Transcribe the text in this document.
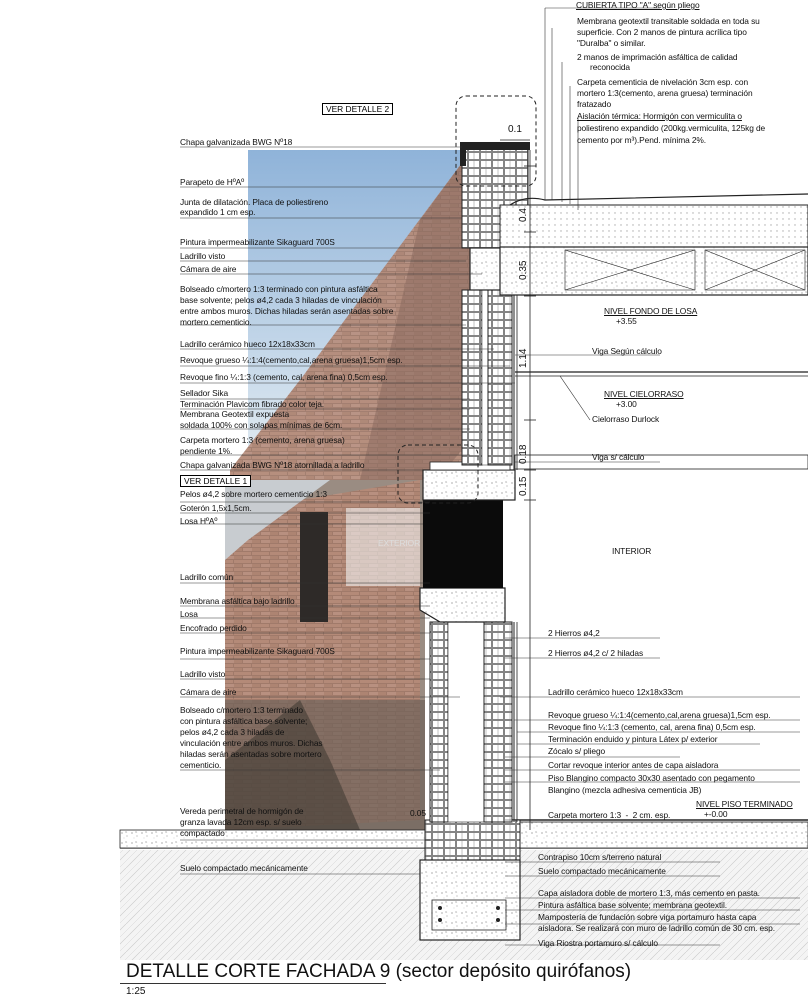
VER DETALLE 2
VER DETALLE 1
EXTERIOR
INTERIOR
0.1
0.4
0.35
1.14
0.18
0.15
0.05
NIVEL FONDO DE LOSA
+3.55
NIVEL CIELORRASO
+3.00
NIVEL PISO TERMINADO
+-0.00
CUBIERTA TIPO "A" según pliego
Membrana geotextil transitable soldada en toda su
superficie. Con 2 manos de pintura acrílica tipo
"Duralba" o similar.
2 manos de imprimación asfáltica de calidad
reconocida
Carpeta cementicia de nivelación 3cm esp. con
mortero 1:3(cemento, arena gruesa) terminación
fratazado
Aislación térmica: Hormigón con vermiculita o
poliestireno expandido (200kg.vermiculita, 125kg de
cemento por m³).Pend. mínima 2%.
Chapa galvanizada BWG Nº18
Parapeto de HºAº
Junta de dilatación. Placa de poliestireno
expandido 1 cm esp.
Pintura impermeabilizante Sikaguard 700S
Ladrillo visto
Cámara de aire
Bolseado c/mortero 1:3 terminado con pintura asfáltica
base solvente; pelos ø4,2 cada 3 hiladas de vinculación
entre ambos muros. Dichas hiladas serán asentadas sobre
mortero cementicio.
Ladrillo cerámico hueco 12x18x33cm
Revoque grueso ¼:1:4(cemento,cal,arena gruesa)1,5cm esp.
Revoque fino ¼:1:3 (cemento, cal, arena fina) 0,5cm esp.
Sellador Sika
Terminación Plavicom fibrado color teja.
Membrana Geotextil expuesta
soldada 100% con solapas mínimas de 6cm.
Carpeta mortero 1:3 (cemento, arena gruesa)
pendiente 1%.
Chapa galvanizada BWG Nº18 atornillada a ladrillo
Pelos ø4,2 sobre mortero cementicio 1:3
Goterón 1,5x1,5cm.
Losa HºAº
Ladrillo común
Membrana asfáltica bajo ladrillo
Losa
Encofrado perdido
Pintura impermeabilizante Sikaguard 700S
Ladrillo visto
Cámara de aire
Bolseado c/mortero 1:3 terminado
con pintura asfáltica base solvente;
pelos ø4,2 cada 3 hiladas de
vinculación entre ambos muros. Dichas
hiladas serán asentadas sobre mortero
cementicio.
Vereda perimetral de hormigón de
granza lavada 12cm esp. s/ suelo
compactado
Suelo compactado mecánicamente
Viga Según cálculo
Cielorraso Durlock
Viga s/ cálculo
2 Hierros ø4,2
2 Hierros ø4,2 c/ 2 hiladas
Ladrillo cerámico hueco 12x18x33cm
Revoque grueso ¼:1:4(cemento,cal,arena gruesa)1,5cm esp.
Revoque fino ¼:1:3 (cemento, cal, arena fina) 0,5cm esp.
Terminación enduido y pintura Látex p/ exterior
Zócalo s/ pliego
Cortar revoque interior antes de capa aisladora
Piso Blangino compacto 30x30 asentado con pegamento
Blangino (mezcla adhesiva cementicia JB)
Carpeta mortero 1:3  -  2 cm. esp.
Contrapiso 10cm s/terreno natural
Suelo compactado mecánicamente
Capa aisladora doble de mortero 1:3, más cemento en pasta.
Pintura asfáltica base solvente; membrana geotextil.
Mampostería de fundación sobre viga portamuro hasta capa
aisladora. Se realizará con muro de ladrillo común de 30 cm. esp.
Viga Riostra portamuro s/ cálculo
DETALLE CORTE FACHADA 9 (sector depósito quirófanos)
1:25
